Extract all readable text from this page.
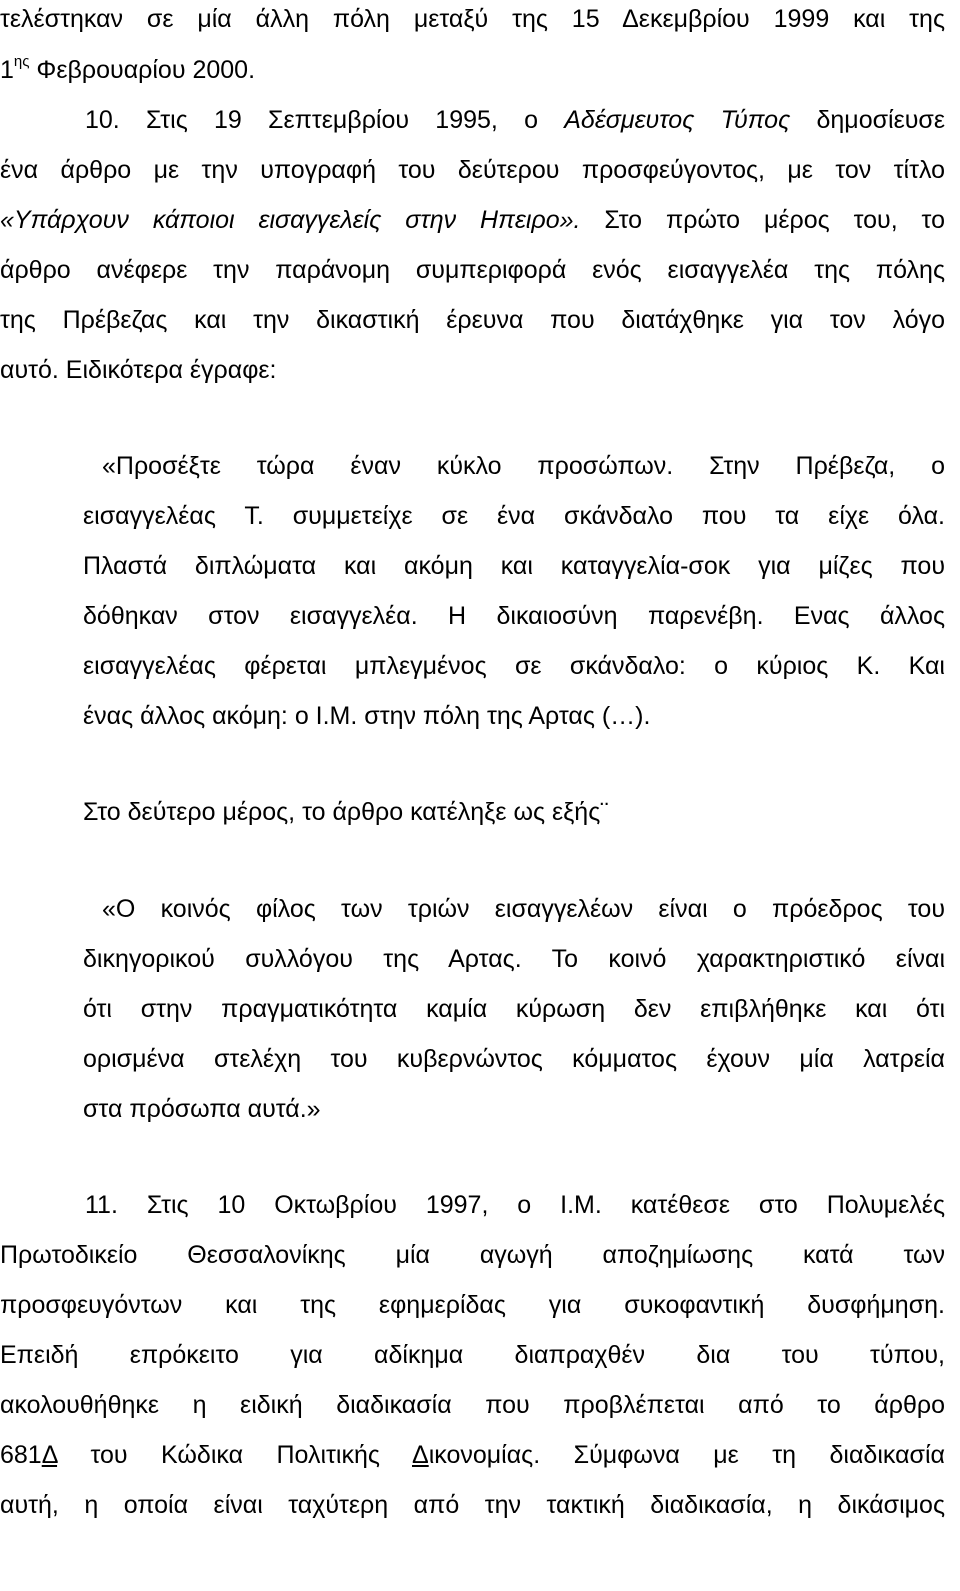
τελέστηκαν σε μία άλλη πόλη μεταξύ της 15 Δεκεμβρίου 1999 και της
$1^{\eta\varsigma}$ Φεβρουαρίου 2000.
10. Στις 19 Σεπτεμβρίου 1995, ο Αδέσμευτος Τύπος δημοσίευσε
ένα άρθρο με την υπογραφή του δεύτερου προσφεύγοντος, με τον τίτλο
«Υπάρχουν κάποιοι εισαγγελείς στην Ηπειρο». Στο πρώτο μέρος του, το
άρθρο ανέφερε την παράνομη συμπεριφορά ενός εισαγγελέα της πόλης
της Πρέβεζας και την δικαστική έρευνα που διατάχθηκε για τον λόγο
αυτό. Ειδικότερα έγραφε:
«Προσέξτε τώρα έναν κύκλο προσώπων. Στην Πρέβεζα, ο
εισαγγελέας Τ. συμμετείχε σε ένα σκάνδαλο που τα είχε όλα.
Πλαστά διπλώματα και ακόμη και καταγγελία-σοκ για μίζες που
δόθηκαν στον εισαγγελέα. Η δικαιοσύνη παρενέβη. Ενας άλλος
εισαγγελέας φέρεται μπλεγμένος σε σκάνδαλο: ο κύριος Κ. Και
ένας άλλος ακόμη: ο Ι.Μ. στην πόλη της Αρτας (…).
Στο δεύτερο μέρος, το άρθρο κατέληξε ως εξής¨
«Ο κοινός φίλος των τριών εισαγγελέων είναι ο πρόεδρος του
δικηγορικού συλλόγου της Αρτας. Το κοινό χαρακτηριστικό είναι
ότι στην πραγματικότητα καμία κύρωση δεν επιβλήθηκε και ότι
ορισμένα στελέχη του κυβερνώντος κόμματος έχουν μία λατρεία
στα πρόσωπα αυτά.»
11. Στις 10 Οκτωβρίου 1997, ο Ι.Μ. κατέθεσε στο Πολυμελές
Πρωτοδικείο Θεσσαλονίκης μία αγωγή αποζημίωσης κατά των
προσφευγόντων και της εφημερίδας για συκοφαντική δυσφήμηση.
Επειδή επρόκειτο για αδίκημα διαπραχθέν δια του τύπου,
ακολουθήθηκε η ειδική διαδικασία που προβλέπεται από το άρθρο
681Δ του Κώδικα Πολιτικής Δικονομίας. Σύμφωνα με τη διαδικασία
αυτή, η οποία είναι ταχύτερη από την τακτική διαδικασία, η δικάσιμος
